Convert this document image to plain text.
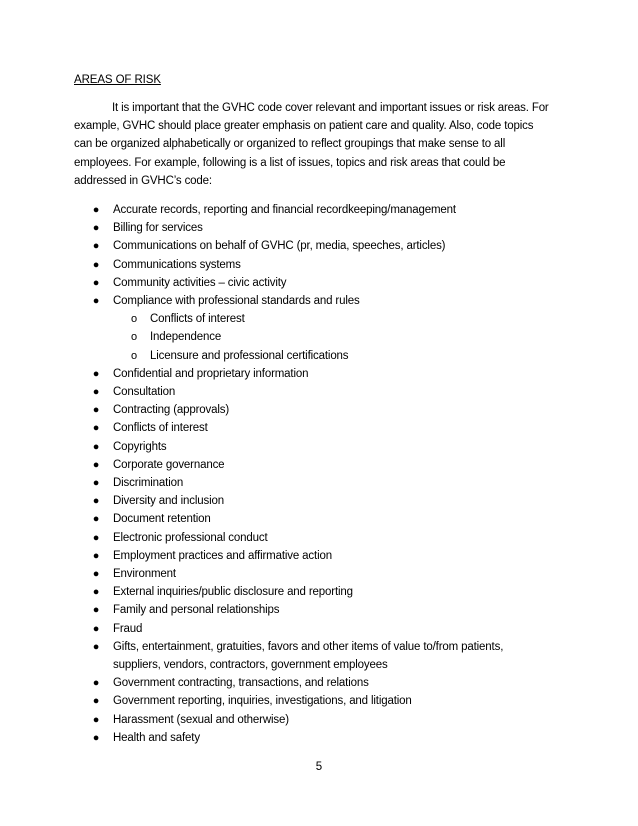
AREAS OF RISK

It is important that the GVHC code cover relevant and important issues or risk areas. For
example, GVHC should place greater emphasis on patient care and quality. Also, code topics
can be organized alphabetically or organized to reflect groupings that make sense to all
employees. For example, following is a list of issues, topics and risk areas that could be
addressed in GVHC’s code:

● Accurate records, reporting and financial recordkeeping/management
● Billing for services
● Communications on behalf of GVHC (pr, media, speeches, articles)
● Communications systems
● Community activities – civic activity
● Compliance with professional standards and rules
o Conflicts of interest
o Independence
o Licensure and professional certifications
● Confidential and proprietary information
● Consultation
● Contracting (approvals)
● Conflicts of interest
● Copyrights
● Corporate governance
● Discrimination
● Diversity and inclusion
● Document retention
● Electronic professional conduct
● Employment practices and affirmative action
● Environment
● External inquiries/public disclosure and reporting
● Family and personal relationships
● Fraud
● Gifts, entertainment, gratuities, favors and other items of value to/from patients,
suppliers, vendors, contractors, government employees
● Government contracting, transactions, and relations
● Government reporting, inquiries, investigations, and litigation
● Harassment (sexual and otherwise)
● Health and safety
5
